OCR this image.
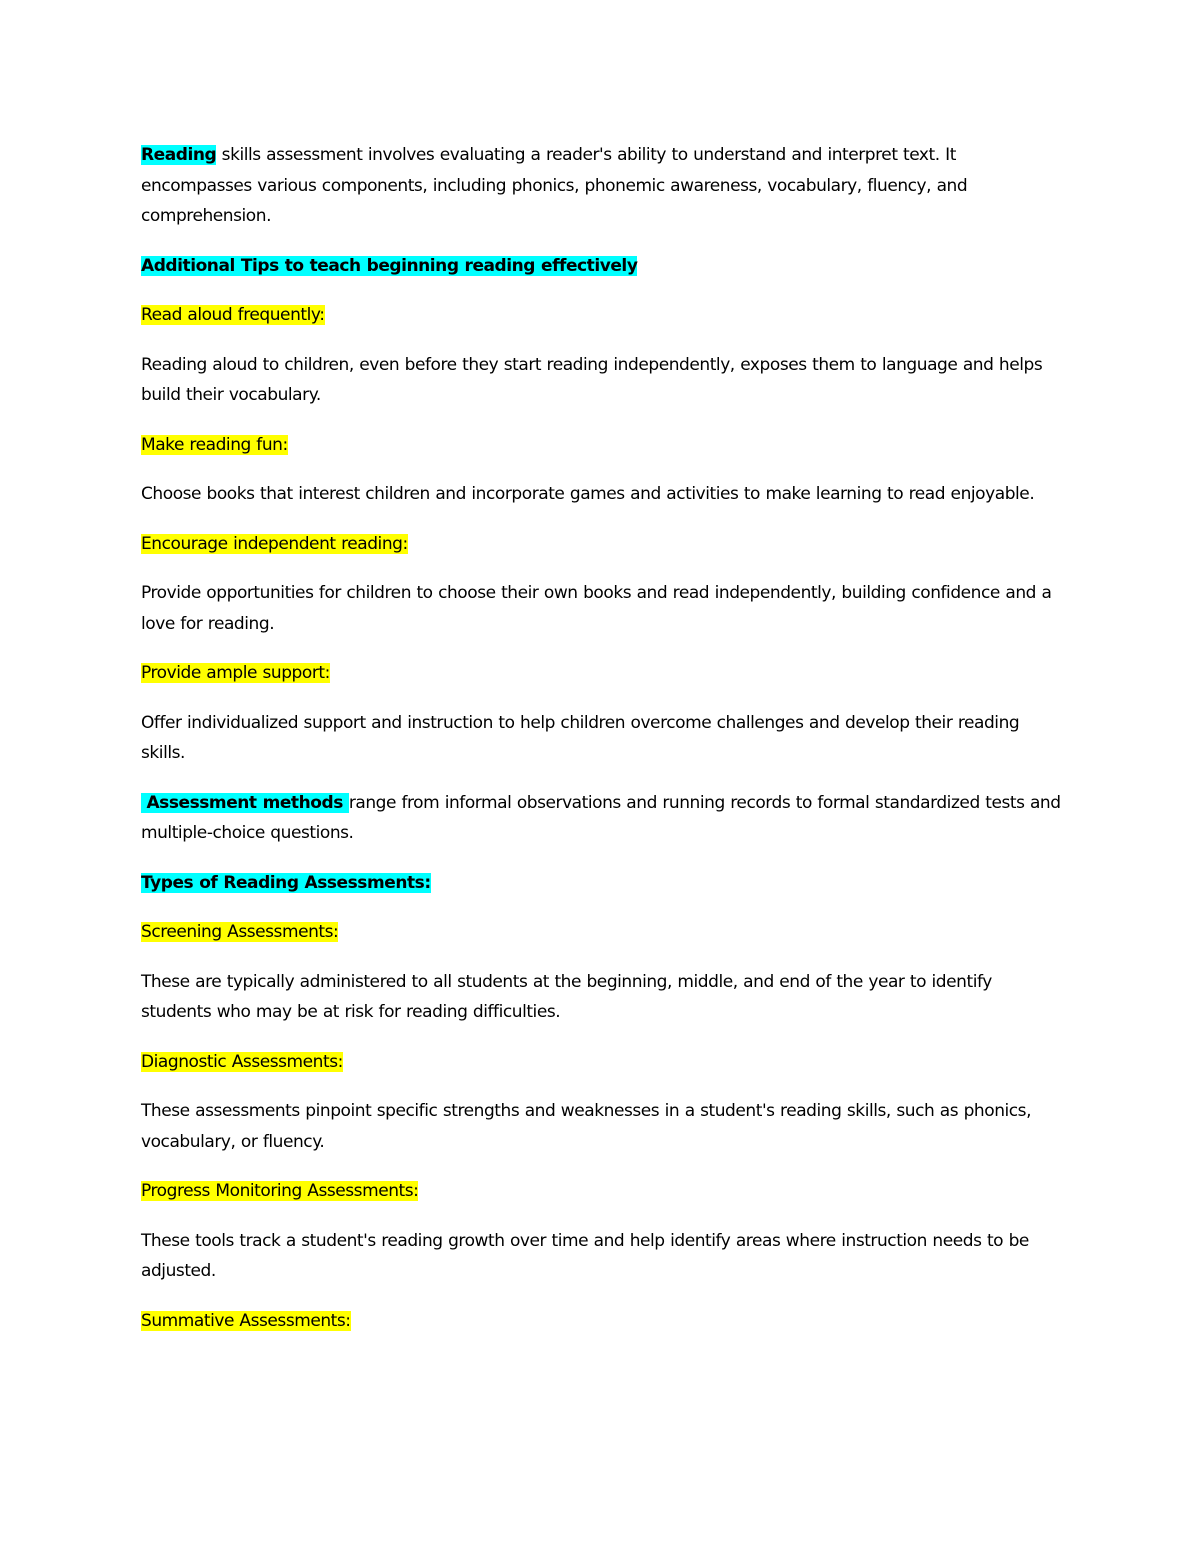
Reading skills assessment involves evaluating a reader's ability to understand and interpret text. It encompasses various components, including phonics, phonemic awareness, vocabulary, fluency, and comprehension.

Additional Tips to teach beginning reading effectively

Read aloud frequently:

Reading aloud to children, even before they start reading independently, exposes them to language and helps build their vocabulary.

Make reading fun:

Choose books that interest children and incorporate games and activities to make learning to read enjoyable.

Encourage independent reading:

Provide opportunities for children to choose their own books and read independently, building confidence and a love for reading.

Provide ample support:

Offer individualized support and instruction to help children overcome challenges and develop their reading skills.

Assessment methods range from informal observations and running records to formal standardized tests and multiple-choice questions.

Types of Reading Assessments:

Screening Assessments:

These are typically administered to all students at the beginning, middle, and end of the year to identify students who may be at risk for reading difficulties.

Diagnostic Assessments:

These assessments pinpoint specific strengths and weaknesses in a student's reading skills, such as phonics, vocabulary, or fluency.

Progress Monitoring Assessments:

These tools track a student's reading growth over time and help identify areas where instruction needs to be adjusted.

Summative Assessments:
